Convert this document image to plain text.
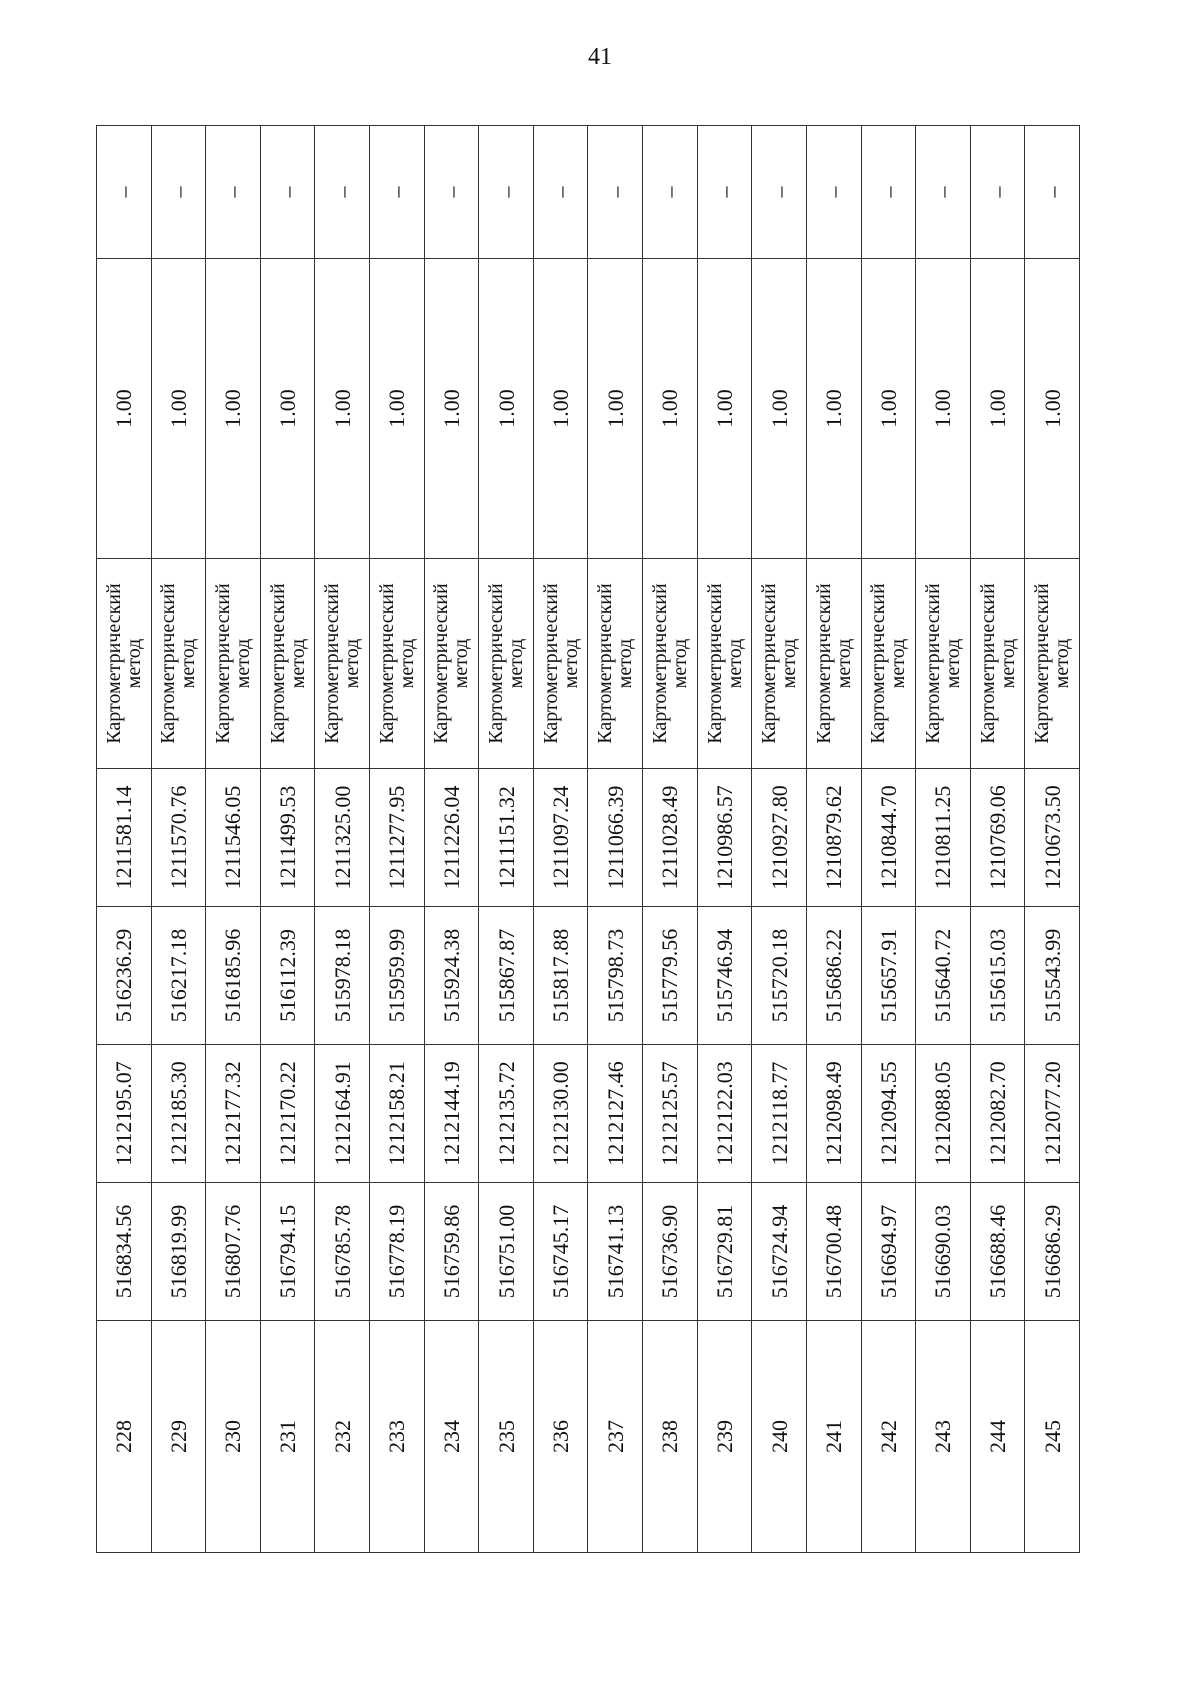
41
228	516834.56	1212195.07	516236.29	1211581.14	Картометрический метод	1.00	–
229	516819.99	1212185.30	516217.18	1211570.76	Картометрический метод	1.00	–
230	516807.76	1212177.32	516185.96	1211546.05	Картометрический метод	1.00	–
231	516794.15	1212170.22	516112.39	1211499.53	Картометрический метод	1.00	–
232	516785.78	1212164.91	515978.18	1211325.00	Картометрический метод	1.00	–
233	516778.19	1212158.21	515959.99	1211277.95	Картометрический метод	1.00	–
234	516759.86	1212144.19	515924.38	1211226.04	Картометрический метод	1.00	–
235	516751.00	1212135.72	515867.87	1211151.32	Картометрический метод	1.00	–
236	516745.17	1212130.00	515817.88	1211097.24	Картометрический метод	1.00	–
237	516741.13	1212127.46	515798.73	1211066.39	Картометрический метод	1.00	–
238	516736.90	1212125.57	515779.56	1211028.49	Картометрический метод	1.00	–
239	516729.81	1212122.03	515746.94	1210986.57	Картометрический метод	1.00	–
240	516724.94	1212118.77	515720.18	1210927.80	Картометрический метод	1.00	–
241	516700.48	1212098.49	515686.22	1210879.62	Картометрический метод	1.00	–
242	516694.97	1212094.55	515657.91	1210844.70	Картометрический метод	1.00	–
243	516690.03	1212088.05	515640.72	1210811.25	Картометрический метод	1.00	–
244	516688.46	1212082.70	515615.03	1210769.06	Картометрический метод	1.00	–
245	516686.29	1212077.20	515543.99	1210673.50	Картометрический метод	1.00	–
